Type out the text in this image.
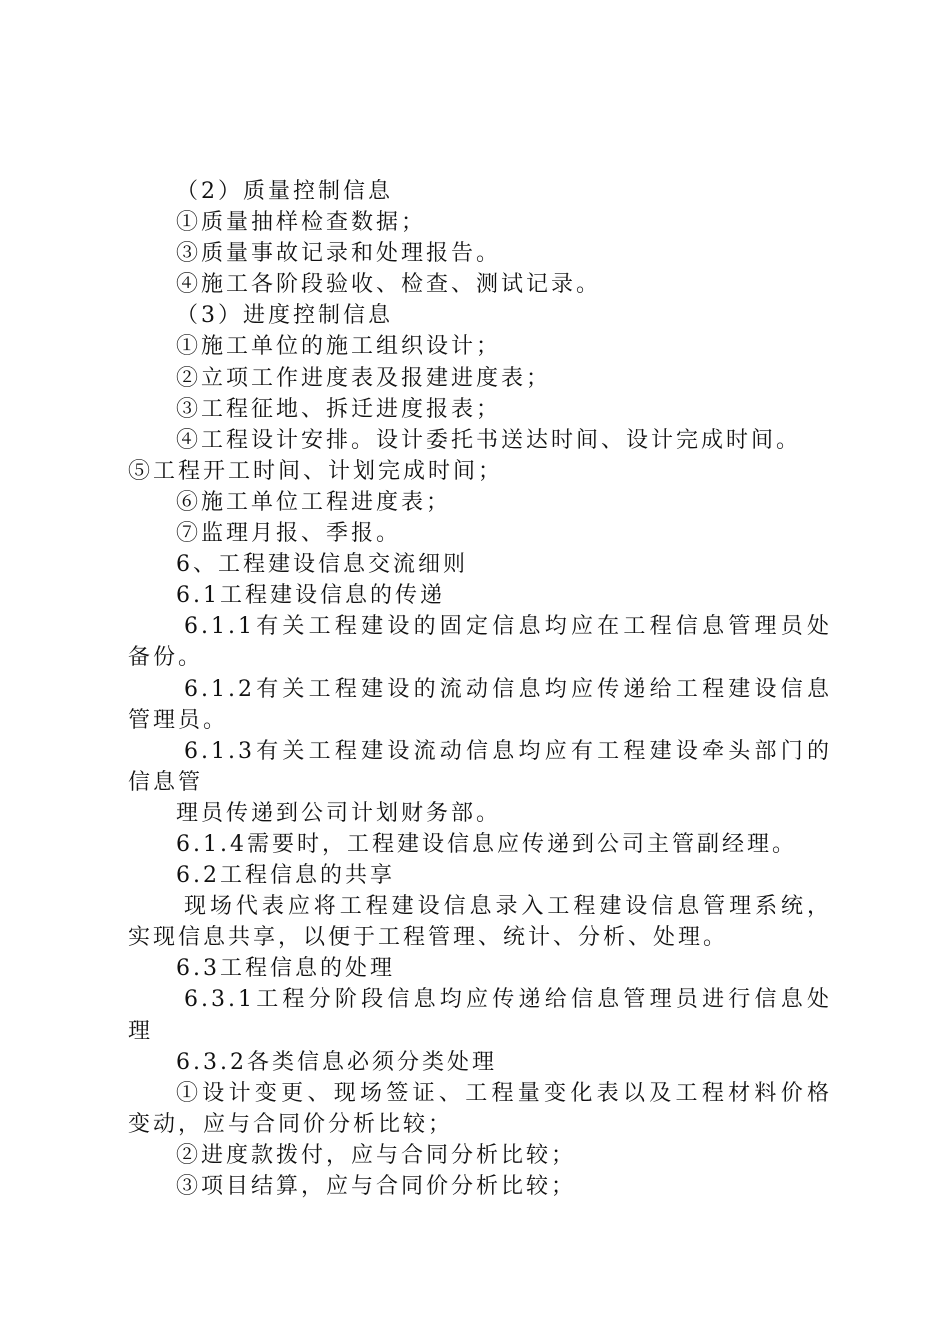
（2）质量控制信息
①质量抽样检查数据；
③质量事故记录和处理报告。
④施工各阶段验收、检查、测试记录。
（3）进度控制信息
①施工单位的施工组织设计；
②立项工作进度表及报建进度表；
③工程征地、拆迁进度报表；
④工程设计安排。设计委托书送达时间、设计完成时间。
⑤工程开工时间、计划完成时间；
⑥施工单位工程进度表；
⑦监理月报、季报。
6、工程建设信息交流细则
6.1工程建设信息的传递
6.1.1有关工程建设的固定信息均应在工程信息管理员处
备份。
6.1.2有关工程建设的流动信息均应传递给工程建设信息
管理员。
6.1.3有关工程建设流动信息均应有工程建设牵头部门的
信息管
理员传递到公司计划财务部。
6.1.4需要时，工程建设信息应传递到公司主管副经理。
6.2工程信息的共享
现场代表应将工程建设信息录入工程建设信息管理系统，
实现信息共享，以便于工程管理、统计、分析、处理。
6.3工程信息的处理
6.3.1工程分阶段信息均应传递给信息管理员进行信息处
理
6.3.2各类信息必须分类处理
①设计变更、现场签证、工程量变化表以及工程材料价格
变动，应与合同价分析比较；
②进度款拨付，应与合同分析比较；
③项目结算，应与合同价分析比较；
